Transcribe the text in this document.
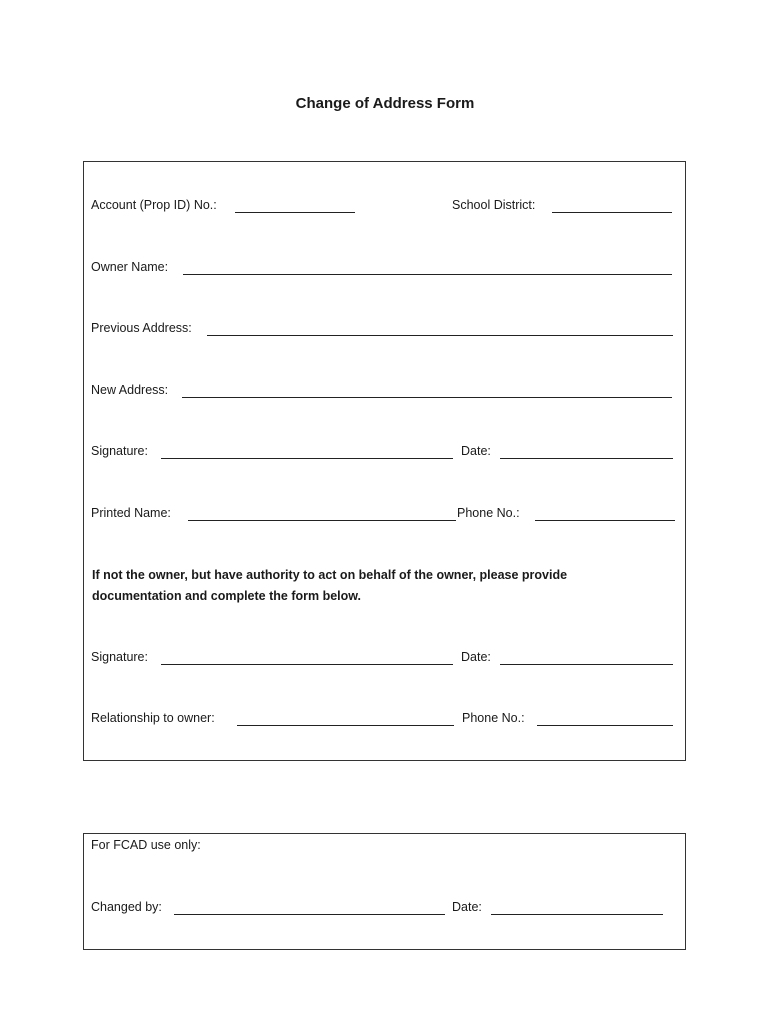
Change of Address Form
Account (Prop ID) No.:	School District:
Owner Name:
Previous Address:
New Address:
Signature:	Date:
Printed Name:	Phone No.:
If not the owner, but have authority to act on behalf of the owner, please provide documentation and complete the form below.
Signature:	Date:
Relationship to owner:	Phone No.:
For FCAD use only:
Changed by:	Date:
